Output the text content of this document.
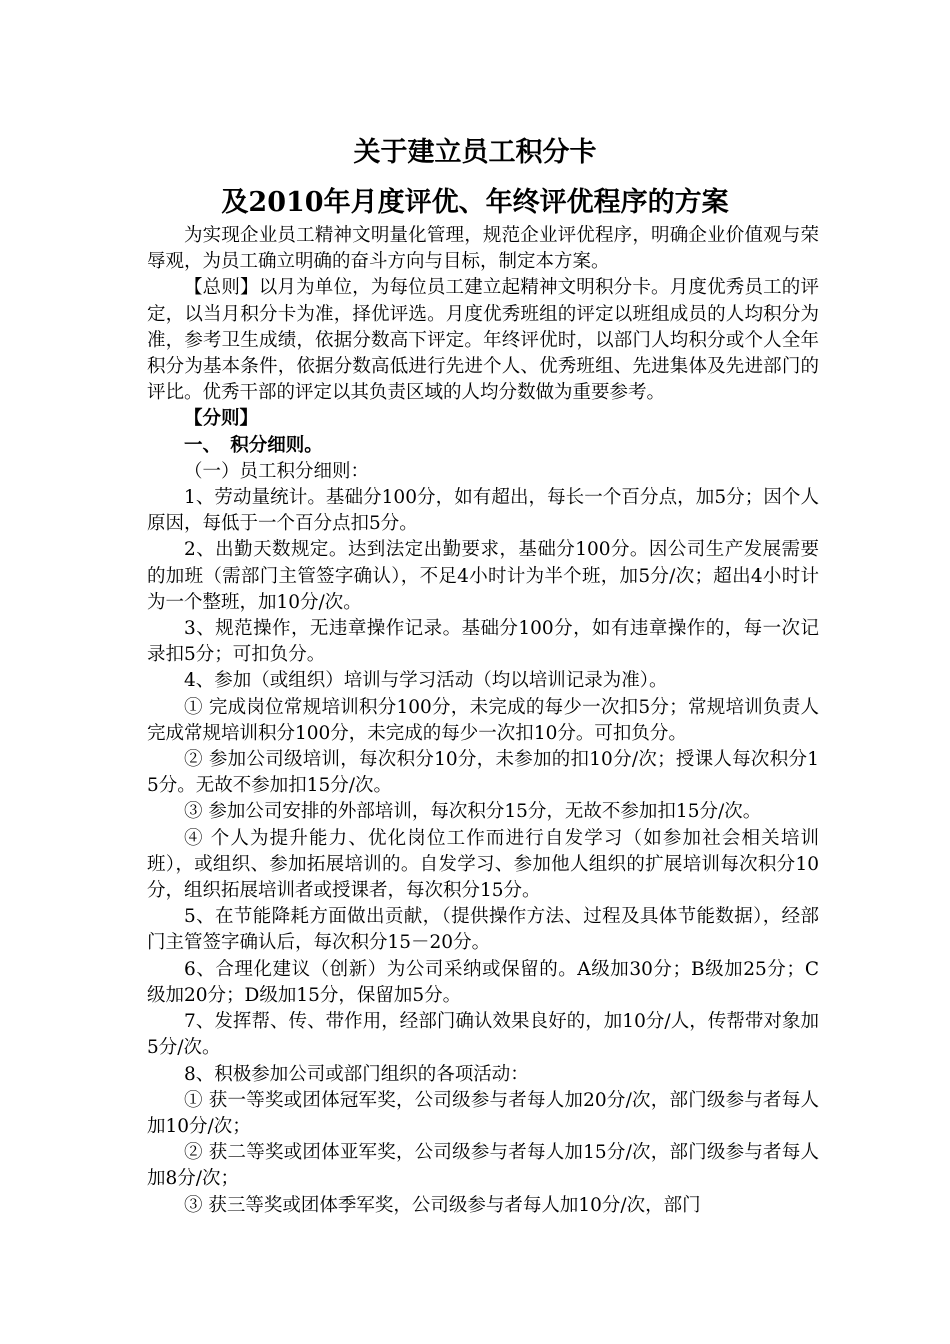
关于建立员工积分卡
及2010年月度评优、年终评优程序的方案

为实现企业员工精神文明量化管理，规范企业评优程序，明确企业价值观与荣辱观，为员工确立明确的奋斗方向与目标，制定本方案。

【总则】以月为单位，为每位员工建立起精神文明积分卡。月度优秀员工的评定，以当月积分卡为准，择优评选。月度优秀班组的评定以班组成员的人均积分为准，参考卫生成绩，依据分数高下评定。年终评优时，以部门人均积分或个人全年积分为基本条件，依据分数高低进行先进个人、优秀班组、先进集体及先进部门的评比。优秀干部的评定以其负责区域的人均分数做为重要参考。

【分则】

一、　积分细则。

（一）员工积分细则：

1、劳动量统计。基础分100分，如有超出，每长一个百分点，加5分；因个人原因，每低于一个百分点扣5分。

2、出勤天数规定。达到法定出勤要求，基础分100分。因公司生产发展需要的加班（需部门主管签字确认），不足4小时计为半个班，加5分/次；超出4小时计为一个整班，加10分/次。

3、规范操作，无违章操作记录。基础分100分，如有违章操作的，每一次记录扣5分；可扣负分。

4、参加（或组织）培训与学习活动（均以培训记录为准）。

① 完成岗位常规培训积分100分，未完成的每少一次扣5分；常规培训负责人完成常规培训积分100分，未完成的每少一次扣10分。可扣负分。

② 参加公司级培训，每次积分10分，未参加的扣10分/次；授课人每次积分15分。无故不参加扣15分/次。

③ 参加公司安排的外部培训，每次积分15分，无故不参加扣15分/次。

④ 个人为提升能力、优化岗位工作而进行自发学习（如参加社会相关培训班），或组织、参加拓展培训的。自发学习、参加他人组织的扩展培训每次积分10分，组织拓展培训者或授课者，每次积分15分。

5、在节能降耗方面做出贡献，（提供操作方法、过程及具体节能数据），经部门主管签字确认后，每次积分15－20分。

6、合理化建议（创新）为公司采纳或保留的。A级加30分；B级加25分；C级加20分；D级加15分，保留加5分。

7、发挥帮、传、带作用，经部门确认效果良好的，加10分/人，传帮带对象加5分/次。

8、积极参加公司或部门组织的各项活动：

① 获一等奖或团体冠军奖，公司级参与者每人加20分/次，部门级参与者每人加10分/次；

② 获二等奖或团体亚军奖，公司级参与者每人加15分/次，部门级参与者每人加8分/次；

③ 获三等奖或团体季军奖，公司级参与者每人加10分/次，部门
